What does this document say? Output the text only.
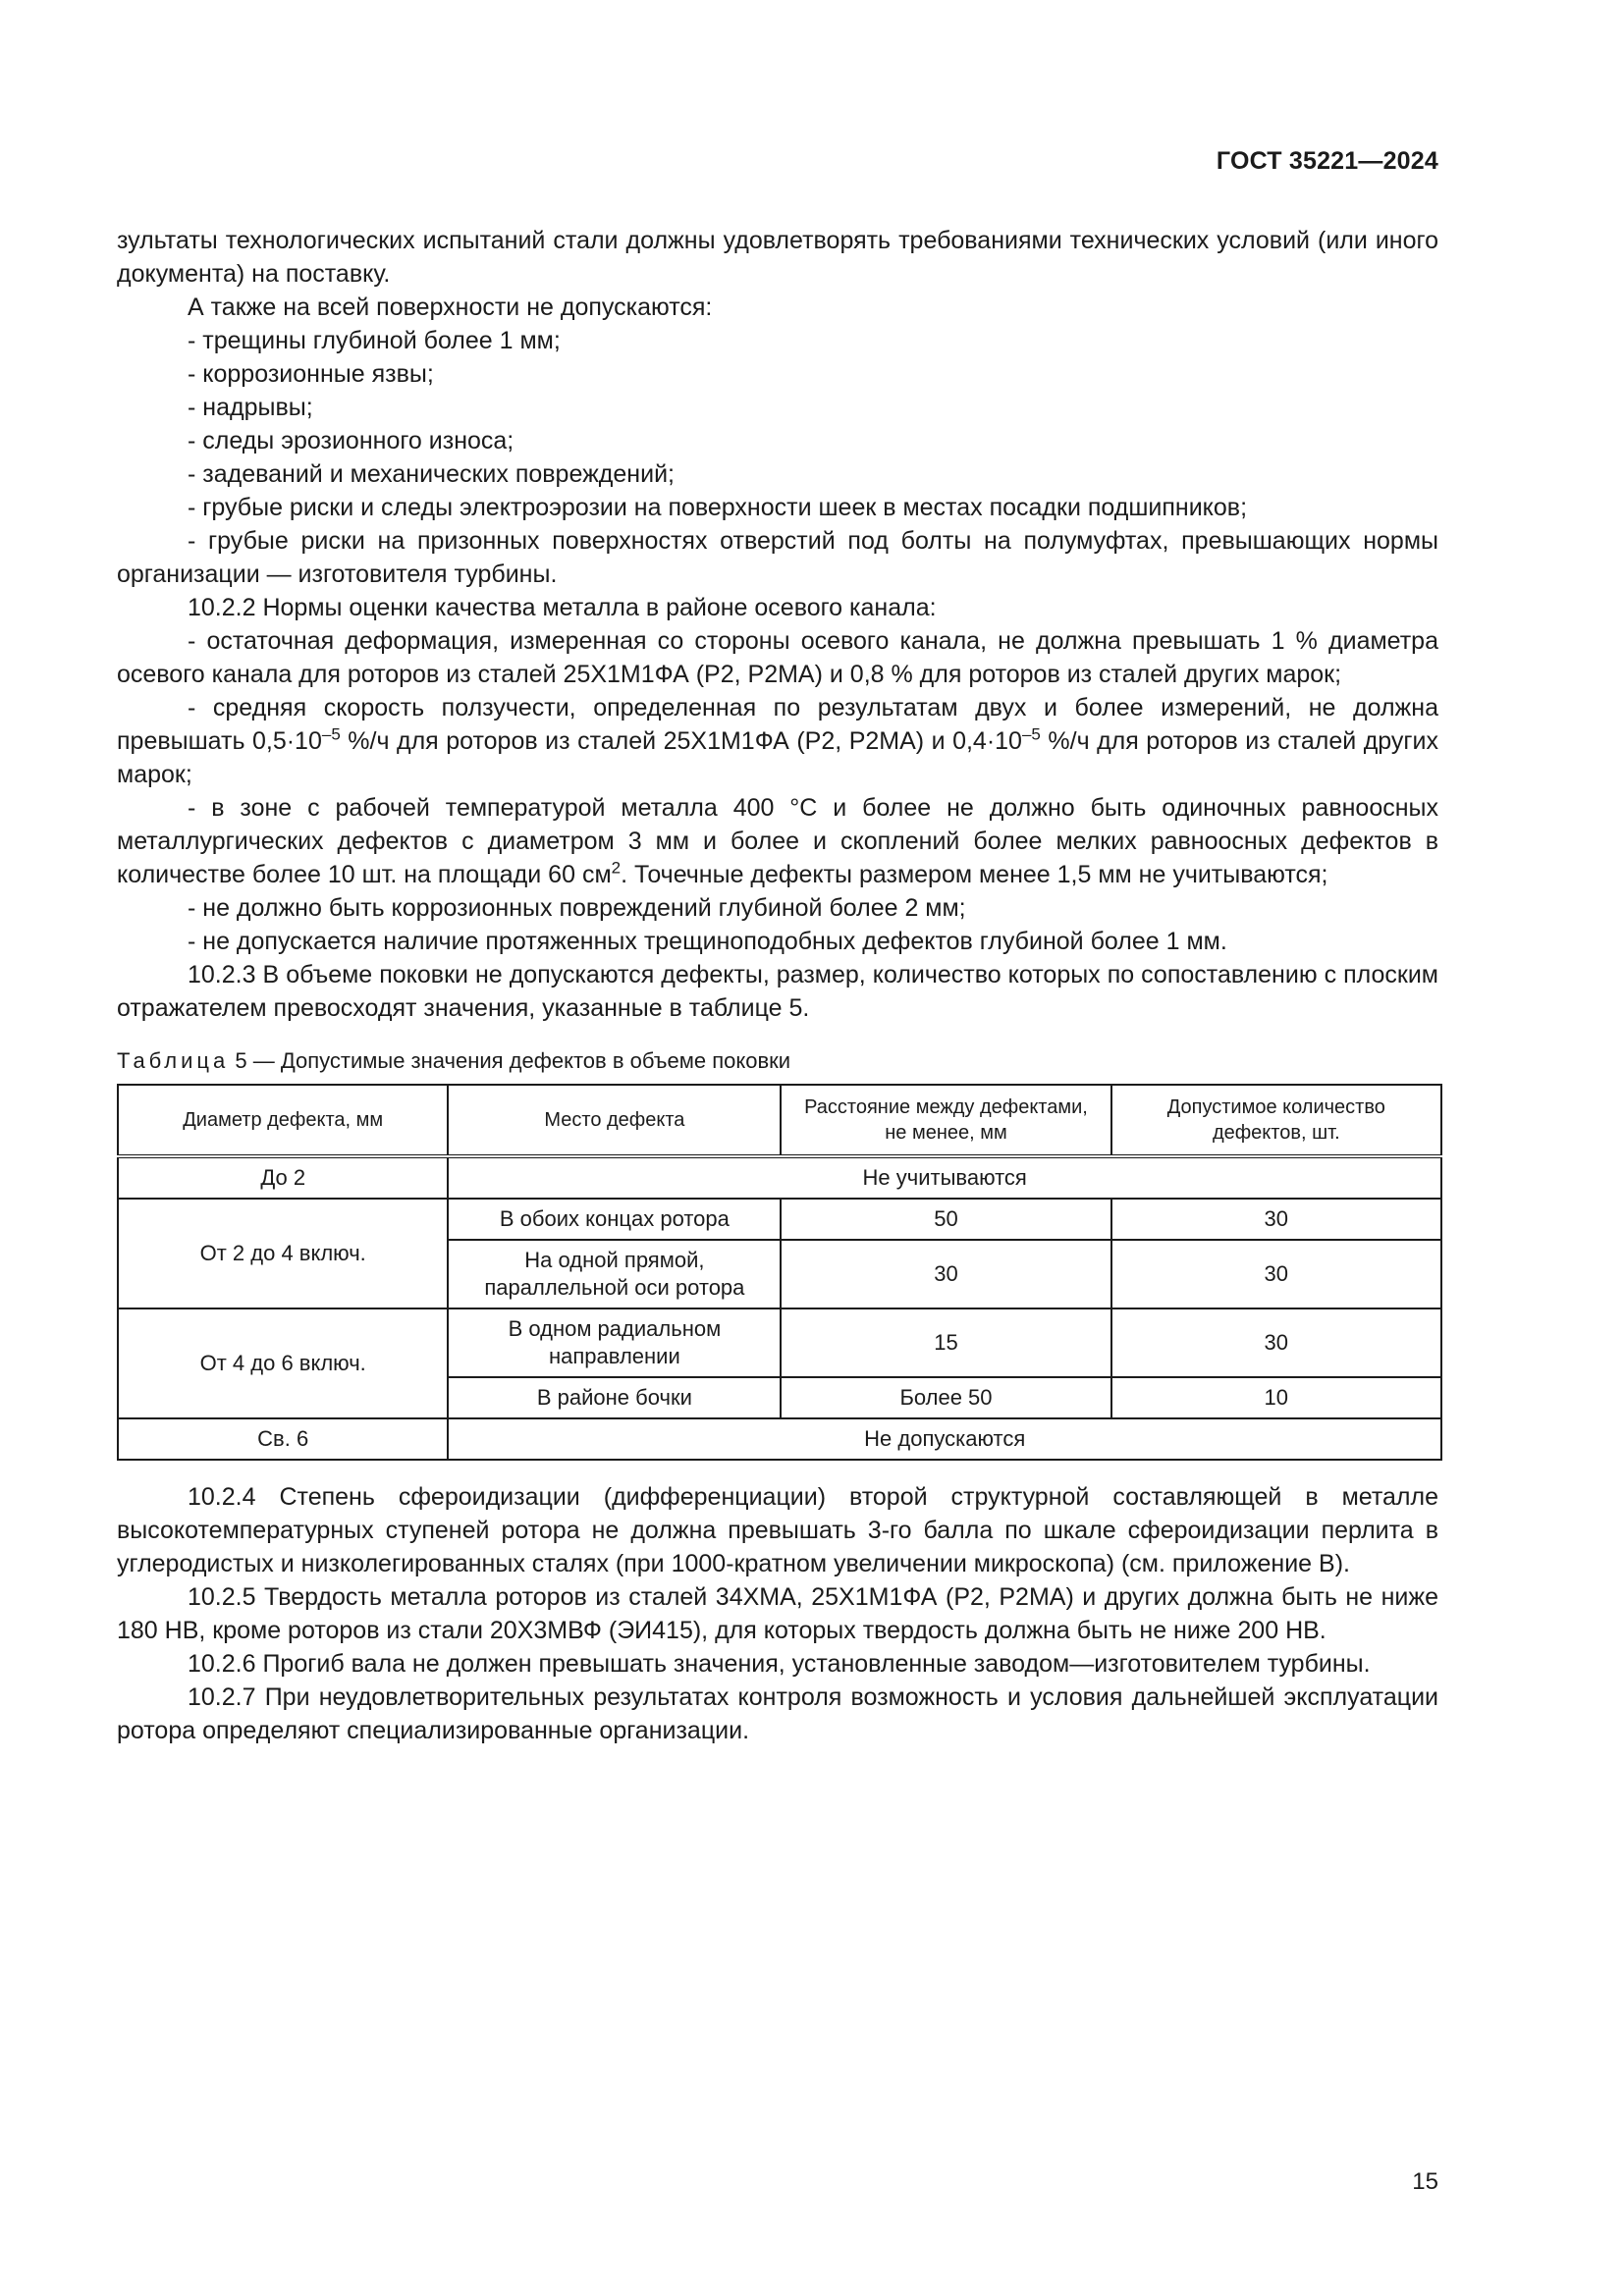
ГОСТ 35221—2024

зультаты технологических испытаний стали должны удовлетворять требованиями технических условий (или иного документа) на поставку.

А также на всей поверхности не допускаются:

- трещины глубиной более 1 мм;

- коррозионные язвы;

- надрывы;

- следы эрозионного износа;

- задеваний и механических повреждений;

- грубые риски и следы электроэрозии на поверхности шеек в местах посадки подшипников;

- грубые риски на призонных поверхностях отверстий под болты на полумуфтах, превышающих нормы организации — изготовителя турбины.

10.2.2 Нормы оценки качества металла в районе осевого канала:

- остаточная деформация, измеренная со стороны осевого канала, не должна превышать 1 % диаметра осевого канала для роторов из сталей 25Х1М1ФА (Р2, Р2МА) и 0,8 % для роторов из сталей других марок;

- средняя скорость ползучести, определенная по результатам двух и более измерений, не должна превышать $0,5\cdot 10^{-5}$ %/ч для роторов из сталей 25Х1М1ФА (Р2, Р2МА) и $0,4\cdot 10^{-5}$ %/ч для роторов из сталей других марок;

- в зоне с рабочей температурой металла 400 °С и более не должно быть одиночных равноосных металлургических дефектов с диаметром 3 мм и более и скоплений более мелких равноосных дефектов в количестве более 10 шт. на площади 60 $см^2$. Точечные дефекты размером менее 1,5 мм не учитываются;

- не должно быть коррозионных повреждений глубиной более 2 мм;

- не допускается наличие протяженных трещиноподобных дефектов глубиной более 1 мм.

10.2.3 В объеме поковки не допускаются дефекты, размер, количество которых по сопоставлению с плоским отражателем превосходят значения, указанные в таблице 5.

Таблица 5 — Допустимые значения дефектов в объеме поковки
Диаметр дефекта, мм	Место дефекта	Расстояние между дефектами, не менее, мм	Допустимое количество дефектов, шт.
До 2	Не учитываются		
От 2 до 4 включ.	В обоих концах ротора	50	30
	На одной прямой, параллельной оси ротора	30	30
От 4 до 6 включ.	В одном радиальном направлении	15	30
	В районе бочки	Более 50	10
Св. 6	Не допускаются		

10.2.4 Степень сфероидизации (дифференциации) второй структурной составляющей в металле высокотемпературных ступеней ротора не должна превышать 3-го балла по шкале сфероидизации перлита в углеродистых и низколегированных сталях (при 1000-кратном увеличении микроскопа) (см. приложение В).

10.2.5 Твердость металла роторов из сталей 34ХМА, 25Х1М1ФА (Р2, Р2МА) и других должна быть не ниже 180 НВ, кроме роторов из стали 20Х3МВФ (ЭИ415), для которых твердость должна быть не ниже 200 НВ.

10.2.6 Прогиб вала не должен превышать значения, установленные заводом—изготовителем турбины.

10.2.7 При неудовлетворительных результатах контроля возможность и условия дальнейшей эксплуатации ротора определяют специализированные организации.

15
